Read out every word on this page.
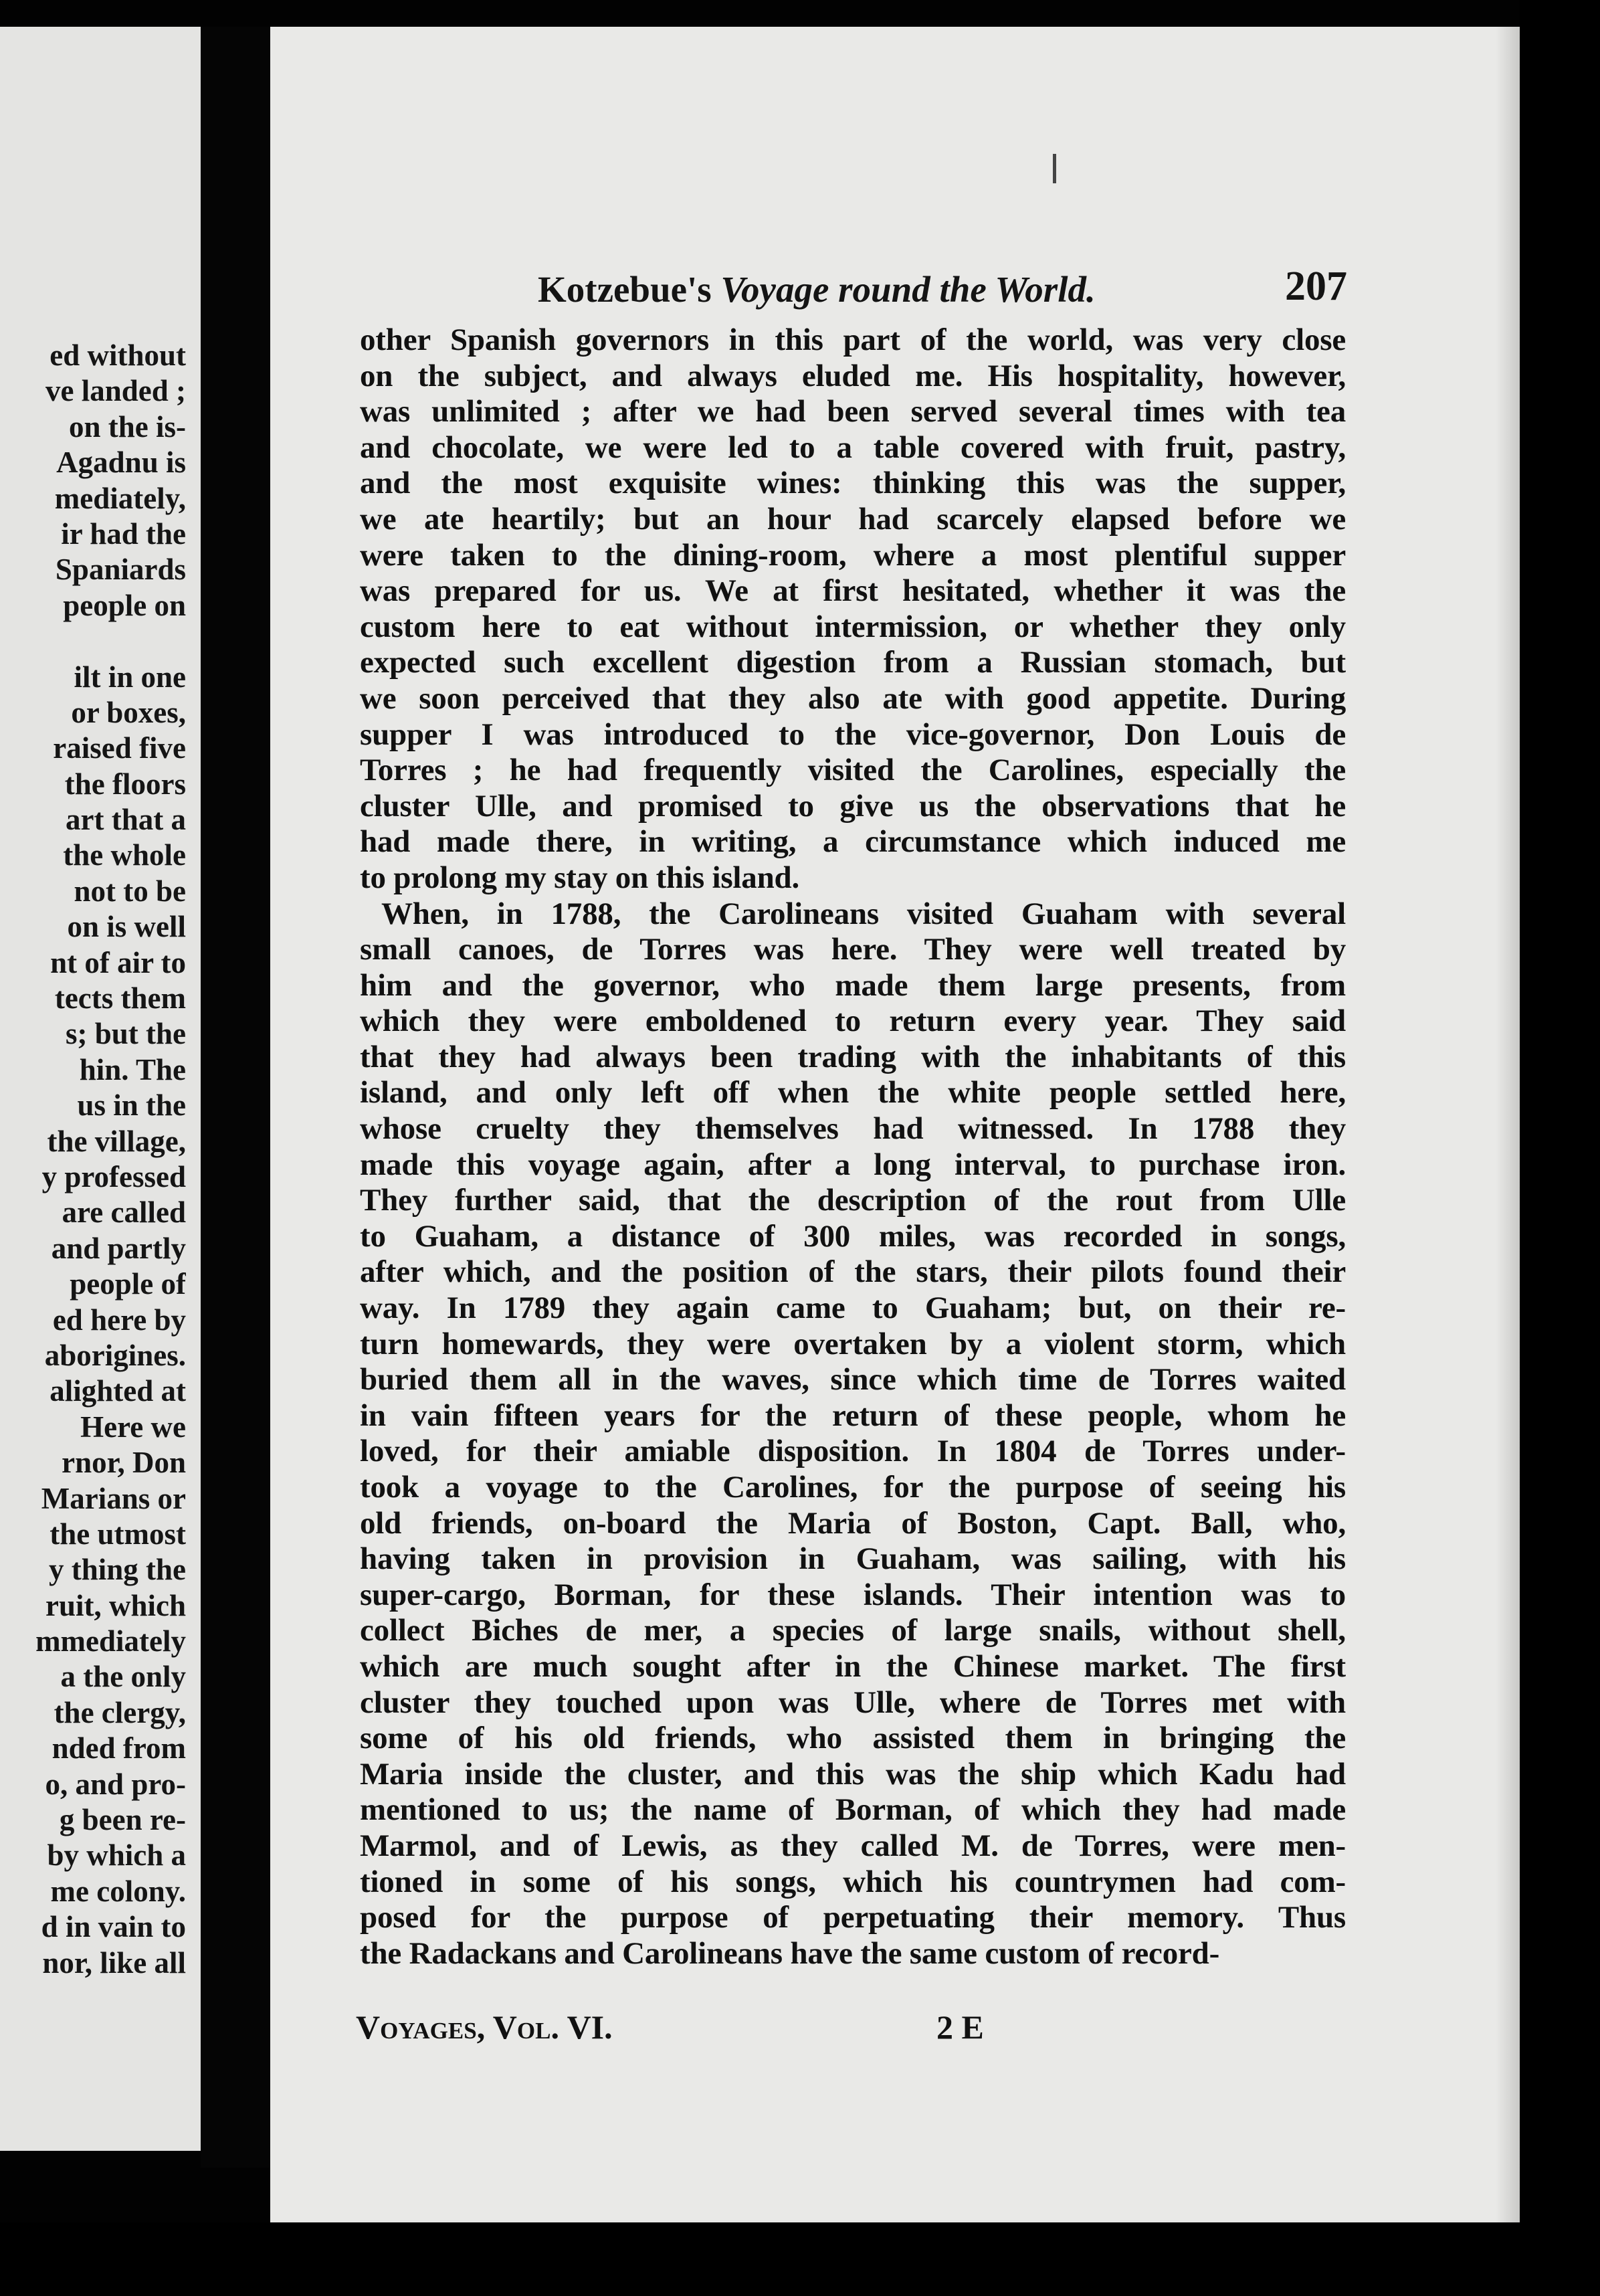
ed without
ve landed ;
on the is-
Agadnu is
mediately,
ir had the
Spaniards
people on
ilt in one
or boxes,
raised five
the floors
art that a
the whole
not to be
on is well
nt of air to
tects them
s; but the
hin. The
us in the
the village,
y professed
are called
and partly
people of
ed here by
aborigines.
alighted at
Here we
rnor, Don
Marians or
the utmost
y thing the
ruit, which
mmediately
a the only
the clergy,
nded from
o, and pro-
g been re-
by which a
me colony.
d in vain to
nor, like all
Kotzebue's Voyage round the World.	207
other Spanish governors in this part of the world, was very close
on the subject, and always eluded me. His hospitality, however,
was unlimited ; after we had been served several times with tea
and chocolate, we were led to a table covered with fruit, pastry,
and the most exquisite wines: thinking this was the supper,
we ate heartily; but an hour had scarcely elapsed before we
were taken to the dining-room, where a most plentiful supper
was prepared for us. We at first hesitated, whether it was the
custom here to eat without intermission, or whether they only
expected such excellent digestion from a Russian stomach, but
we soon perceived that they also ate with good appetite. During
supper I was introduced to the vice-governor, Don Louis de
Torres ; he had frequently visited the Carolines, especially the
cluster Ulle, and promised to give us the observations that he
had made there, in writing, a circumstance which induced me
to prolong my stay on this island.
When, in 1788, the Carolineans visited Guaham with several
small canoes, de Torres was here. They were well treated by
him and the governor, who made them large presents, from
which they were emboldened to return every year. They said
that they had always been trading with the inhabitants of this
island, and only left off when the white people settled here,
whose cruelty they themselves had witnessed. In 1788 they
made this voyage again, after a long interval, to purchase iron.
They further said, that the description of the rout from Ulle
to Guaham, a distance of 300 miles, was recorded in songs,
after which, and the position of the stars, their pilots found their
way. In 1789 they again came to Guaham; but, on their re-
turn homewards, they were overtaken by a violent storm, which
buried them all in the waves, since which time de Torres waited
in vain fifteen years for the return of these people, whom he
loved, for their amiable disposition. In 1804 de Torres under-
took a voyage to the Carolines, for the purpose of seeing his
old friends, on-board the Maria of Boston, Capt. Ball, who,
having taken in provision in Guaham, was sailing, with his
super-cargo, Borman, for these islands. Their intention was to
collect Biches de mer, a species of large snails, without shell,
which are much sought after in the Chinese market. The first
cluster they touched upon was Ulle, where de Torres met with
some of his old friends, who assisted them in bringing the
Maria inside the cluster, and this was the ship which Kadu had
mentioned to us; the name of Borman, of which they had made
Marmol, and of Lewis, as they called M. de Torres, were men-
tioned in some of his songs, which his countrymen had com-
posed for the purpose of perpetuating their memory. Thus
the Radackans and Carolineans have the same custom of record-
Voyages, Vol. VI.	2 E
